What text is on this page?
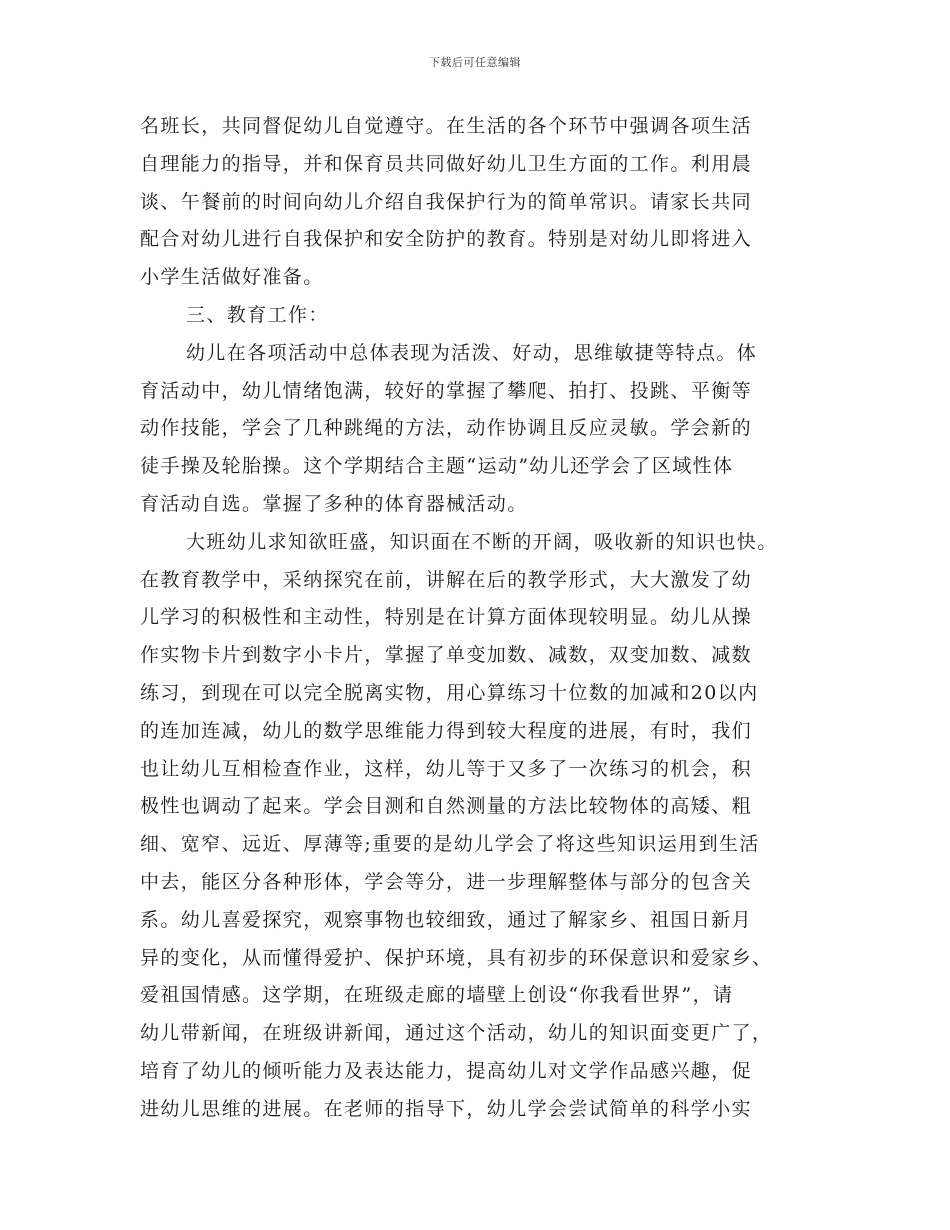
下载后可任意编辑
名班长，共同督促幼儿自觉遵守。在生活的各个环节中强调各项生活
自理能力的指导，并和保育员共同做好幼儿卫生方面的工作。利用晨
谈、午餐前的时间向幼儿介绍自我保护行为的简单常识。请家长共同
配合对幼儿进行自我保护和安全防护的教育。特别是对幼儿即将进入
小学生活做好准备。
三、教育工作：
幼儿在各项活动中总体表现为活泼、好动，思维敏捷等特点。体
育活动中，幼儿情绪饱满，较好的掌握了攀爬、拍打、投跳、平衡等
动作技能，学会了几种跳绳的方法，动作协调且反应灵敏。学会新的
徒手操及轮胎操。这个学期结合主题“运动”幼儿还学会了区域性体
育活动自选。掌握了多种的体育器械活动。
大班幼儿求知欲旺盛，知识面在不断的开阔，吸收新的知识也快。
在教育教学中，采纳探究在前，讲解在后的教学形式，大大激发了幼
儿学习的积极性和主动性，特别是在计算方面体现较明显。幼儿从操
作实物卡片到数字小卡片，掌握了单变加数、减数，双变加数、减数
练习，到现在可以完全脱离实物，用心算练习十位数的加减和20以内
的连加连减，幼儿的数学思维能力得到较大程度的进展，有时，我们
也让幼儿互相检查作业，这样，幼儿等于又多了一次练习的机会，积
极性也调动了起来。学会目测和自然测量的方法比较物体的高矮、粗
细、宽窄、远近、厚薄等;重要的是幼儿学会了将这些知识运用到生活
中去，能区分各种形体，学会等分，进一步理解整体与部分的包含关
系。幼儿喜爱探究，观察事物也较细致，通过了解家乡、祖国日新月
异的变化，从而懂得爱护、保护环境，具有初步的环保意识和爱家乡、
爱祖国情感。这学期，在班级走廊的墙壁上创设“你我看世界”，请
幼儿带新闻，在班级讲新闻，通过这个活动，幼儿的知识面变更广了，
培育了幼儿的倾听能力及表达能力，提高幼儿对文学作品感兴趣，促
进幼儿思维的进展。在老师的指导下，幼儿学会尝试简单的科学小实
